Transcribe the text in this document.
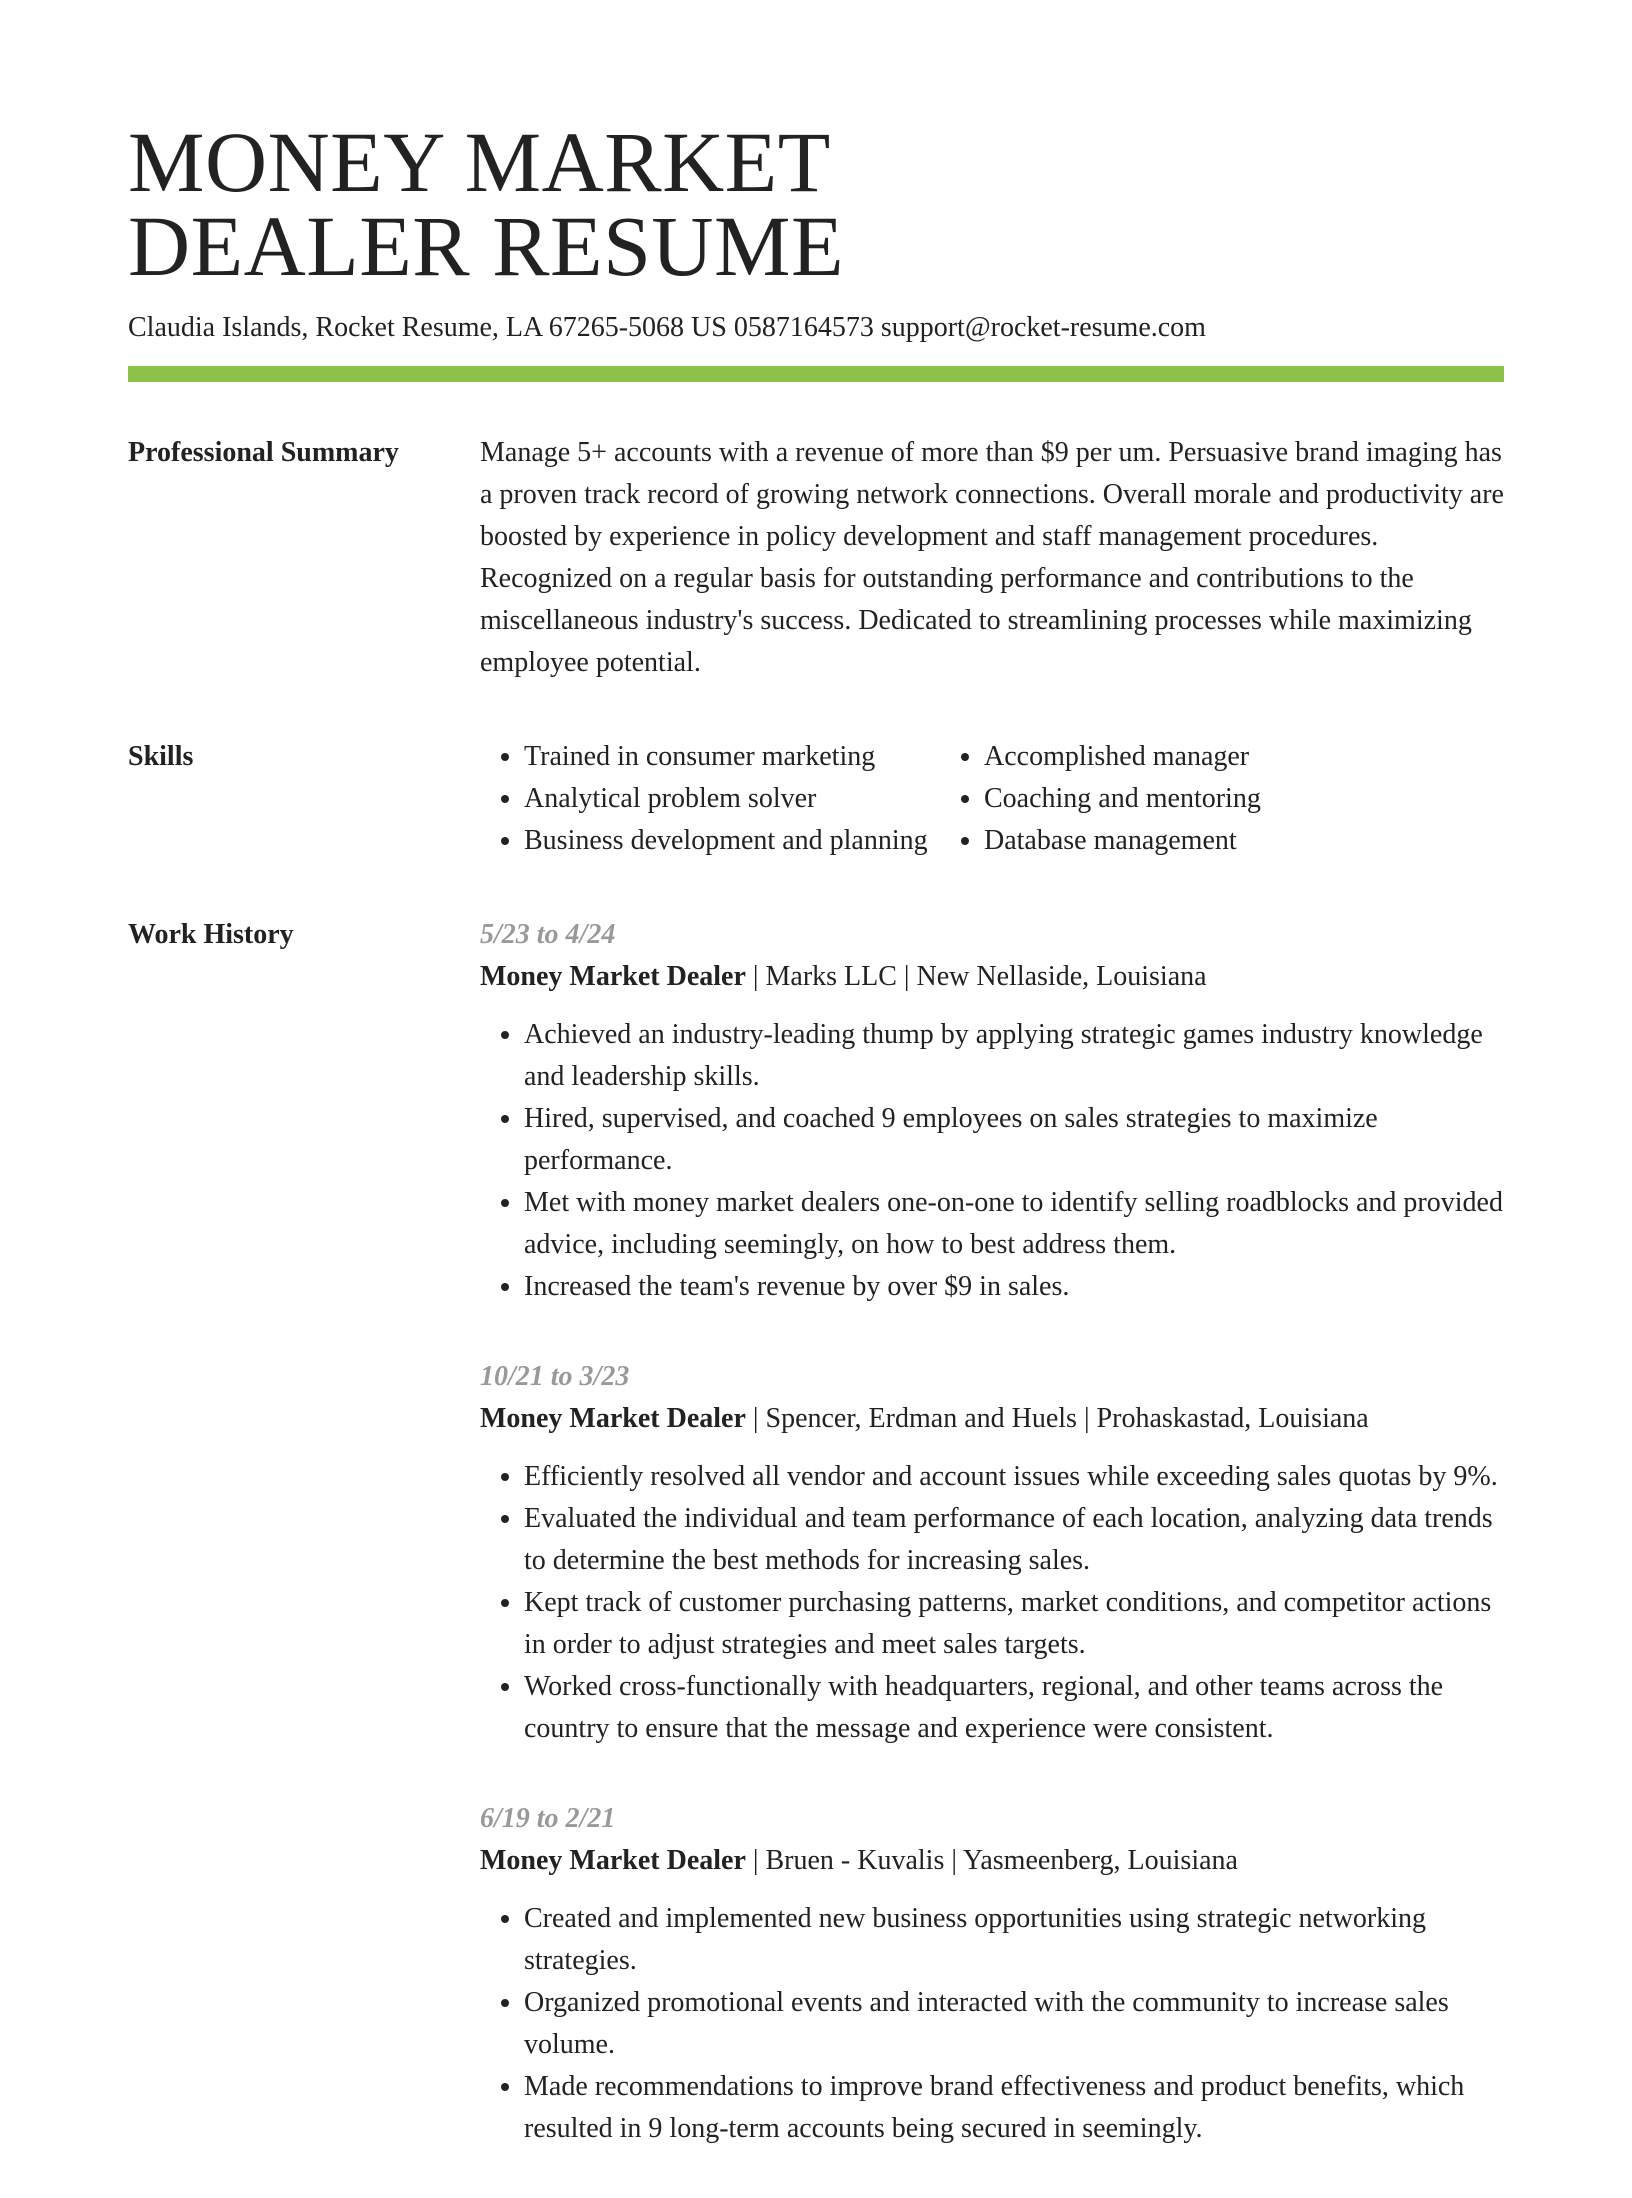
MONEY MARKET
DEALER RESUME
Claudia Islands, Rocket Resume, LA 67265-5068 US 0587164573 support@rocket-resume.com
Professional Summary	Manage 5+ accounts with a revenue of more than $9 per um. Persuasive brand imaging has a proven track record of growing network connections. Overall morale and productivity are boosted by experience in policy development and staff management procedures. Recognized on a regular basis for outstanding performance and contributions to the miscellaneous industry's success. Dedicated to streamlining processes while maximizing employee potential.

Skills
•	Trained in consumer marketing
• Analytical problem solver
• Business development and planning
• Accomplished manager
• Coaching and mentoring
• Database management
Work History	5/23 to 4/24
Money Market Dealer | Marks LLC | New Nellaside, Louisiana
• Achieved an industry-leading thump by applying strategic games industry knowledge and leadership skills.
• Hired, supervised, and coached 9 employees on sales strategies to maximize performance.
• Met with money market dealers one-on-one to identify selling roadblocks and provided advice, including seemingly, on how to best address them.
• Increased the team's revenue by over $9 in sales.
10/21 to 3/23
Money Market Dealer | Spencer, Erdman and Huels | Prohaskastad, Louisiana
• Efficiently resolved all vendor and account issues while exceeding sales quotas by 9%.
• Evaluated the individual and team performance of each location, analyzing data trends to determine the best methods for increasing sales.
• Kept track of customer purchasing patterns, market conditions, and competitor actions in order to adjust strategies and meet sales targets.
• Worked cross-functionally with headquarters, regional, and other teams across the country to ensure that the message and experience were consistent.
6/19 to 2/21
Money Market Dealer | Bruen - Kuvalis | Yasmeenberg, Louisiana
• Created and implemented new business opportunities using strategic networking strategies.
• Organized promotional events and interacted with the community to increase sales volume.
• Made recommendations to improve brand effectiveness and product benefits, which resulted in 9 long-term accounts being secured in seemingly.
